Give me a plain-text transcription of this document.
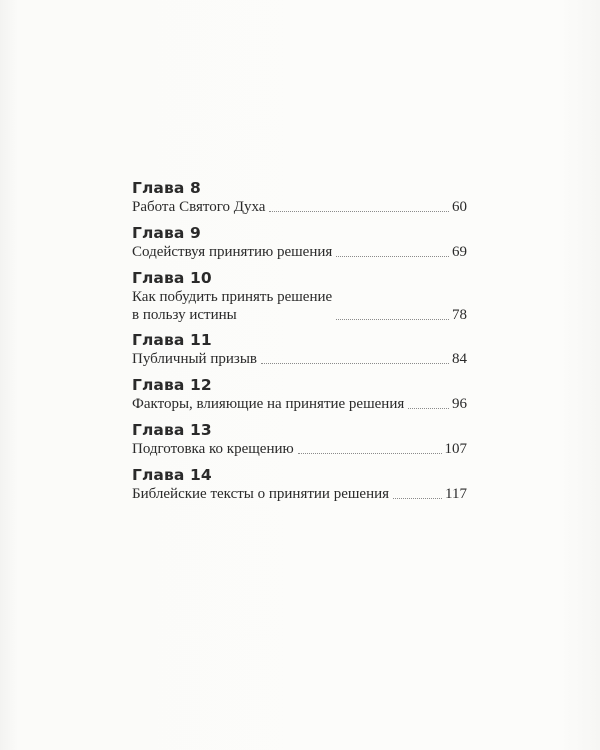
Глава 8
Работа Святого Духа	60
Глава 9
Содействуя принятию решения	69
Глава 10
Как побудить принять решение
в пользу истины	78
Глава 11
Публичный призыв	84
Глава 12
Факторы, влияющие на принятие решения	96
Глава 13
Подготовка ко крещению	107
Глава 14
Библейские тексты о принятии решения	117
